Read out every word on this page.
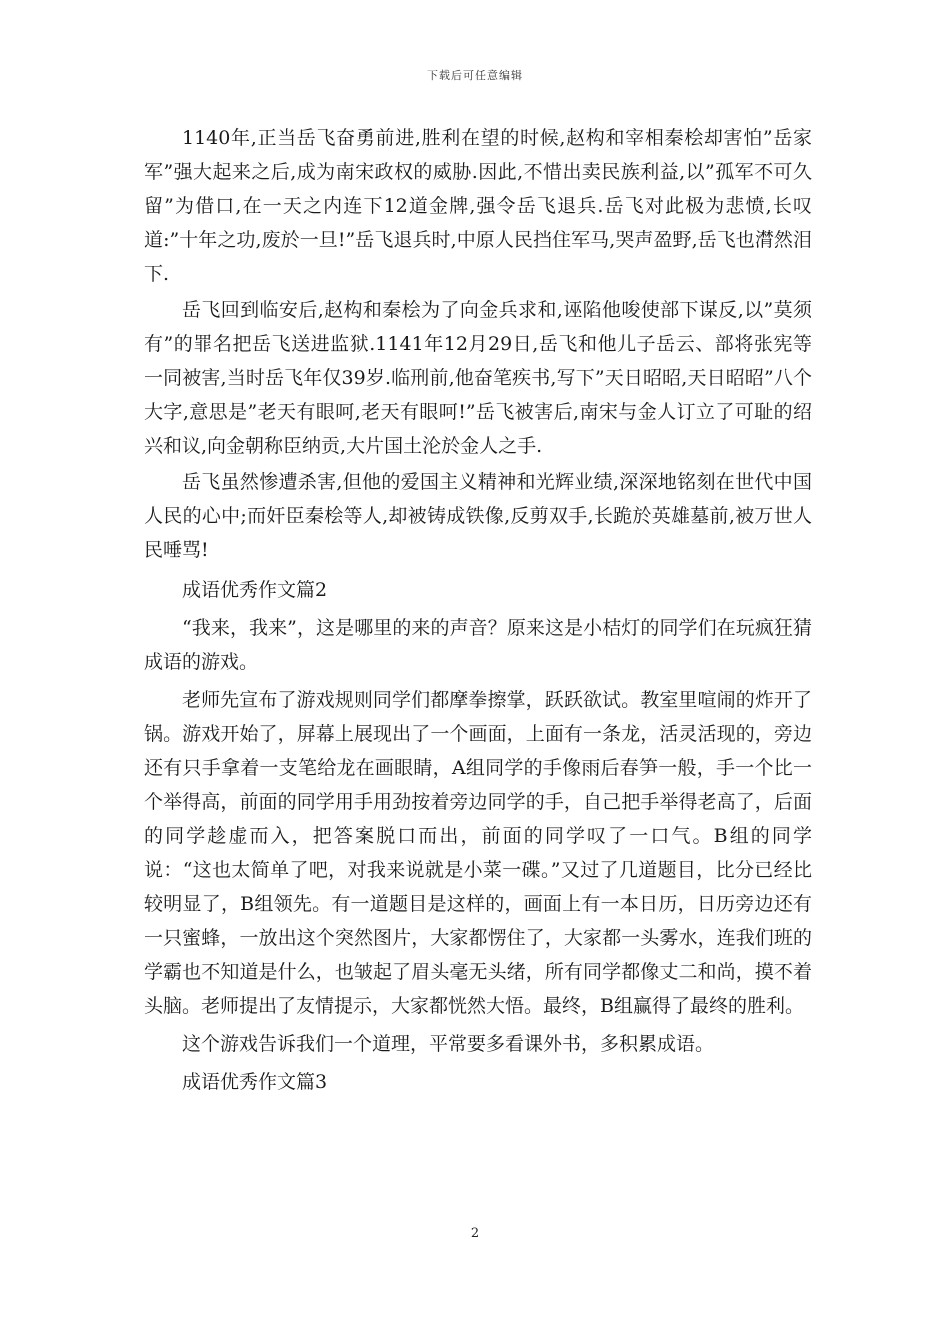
下载后可任意编辑

1140年,正当岳飞奋勇前进,胜利在望的时候,赵构和宰相秦桧却害怕”岳家军”强大起来之后,成为南宋政权的威胁.因此,不惜出卖民族利益,以”孤军不可久留”为借口,在一天之内连下12道金牌,强令岳飞退兵.岳飞对此极为悲愤,长叹道:”十年之功,废於一旦!”岳飞退兵时,中原人民挡住军马,哭声盈野,岳飞也潸然泪下.

岳飞回到临安后,赵构和秦桧为了向金兵求和,诬陷他唆使部下谋反,以”莫须有”的罪名把岳飞送进监狱.1141年12月29日,岳飞和他儿子岳云、部将张宪等一同被害,当时岳飞年仅39岁.临刑前,他奋笔疾书,写下”天日昭昭,天日昭昭”八个大字,意思是”老天有眼呵,老天有眼呵!”岳飞被害后,南宋与金人订立了可耻的绍兴和议,向金朝称臣纳贡,大片国土沦於金人之手.

岳飞虽然惨遭杀害,但他的爱国主义精神和光辉业绩,深深地铭刻在世代中国人民的心中;而奸臣秦桧等人,却被铸成铁像,反剪双手,长跪於英雄墓前,被万世人民唾骂!

成语优秀作文篇2

“我来，我来”，这是哪里的来的声音？原来这是小桔灯的同学们在玩疯狂猜成语的游戏。

老师先宣布了游戏规则同学们都摩拳擦掌，跃跃欲试。教室里喧闹的炸开了锅。游戏开始了，屏幕上展现出了一个画面，上面有一条龙，活灵活现的，旁边还有只手拿着一支笔给龙在画眼睛，A组同学的手像雨后春笋一般，手一个比一个举得高，前面的同学用手用劲按着旁边同学的手，自己把手举得老高了，后面的同学趁虚而入，把答案脱口而出，前面的同学叹了一口气。B组的同学说：“这也太简单了吧，对我来说就是小菜一碟。”又过了几道题目，比分已经比较明显了，B组领先。有一道题目是这样的，画面上有一本日历，日历旁边还有一只蜜蜂，一放出这个突然图片，大家都愣住了，大家都一头雾水，连我们班的学霸也不知道是什么，也皱起了眉头毫无头绪，所有同学都像丈二和尚，摸不着头脑。老师提出了友情提示，大家都恍然大悟。最终，B组赢得了最终的胜利。

这个游戏告诉我们一个道理，平常要多看课外书，多积累成语。

成语优秀作文篇3

2
